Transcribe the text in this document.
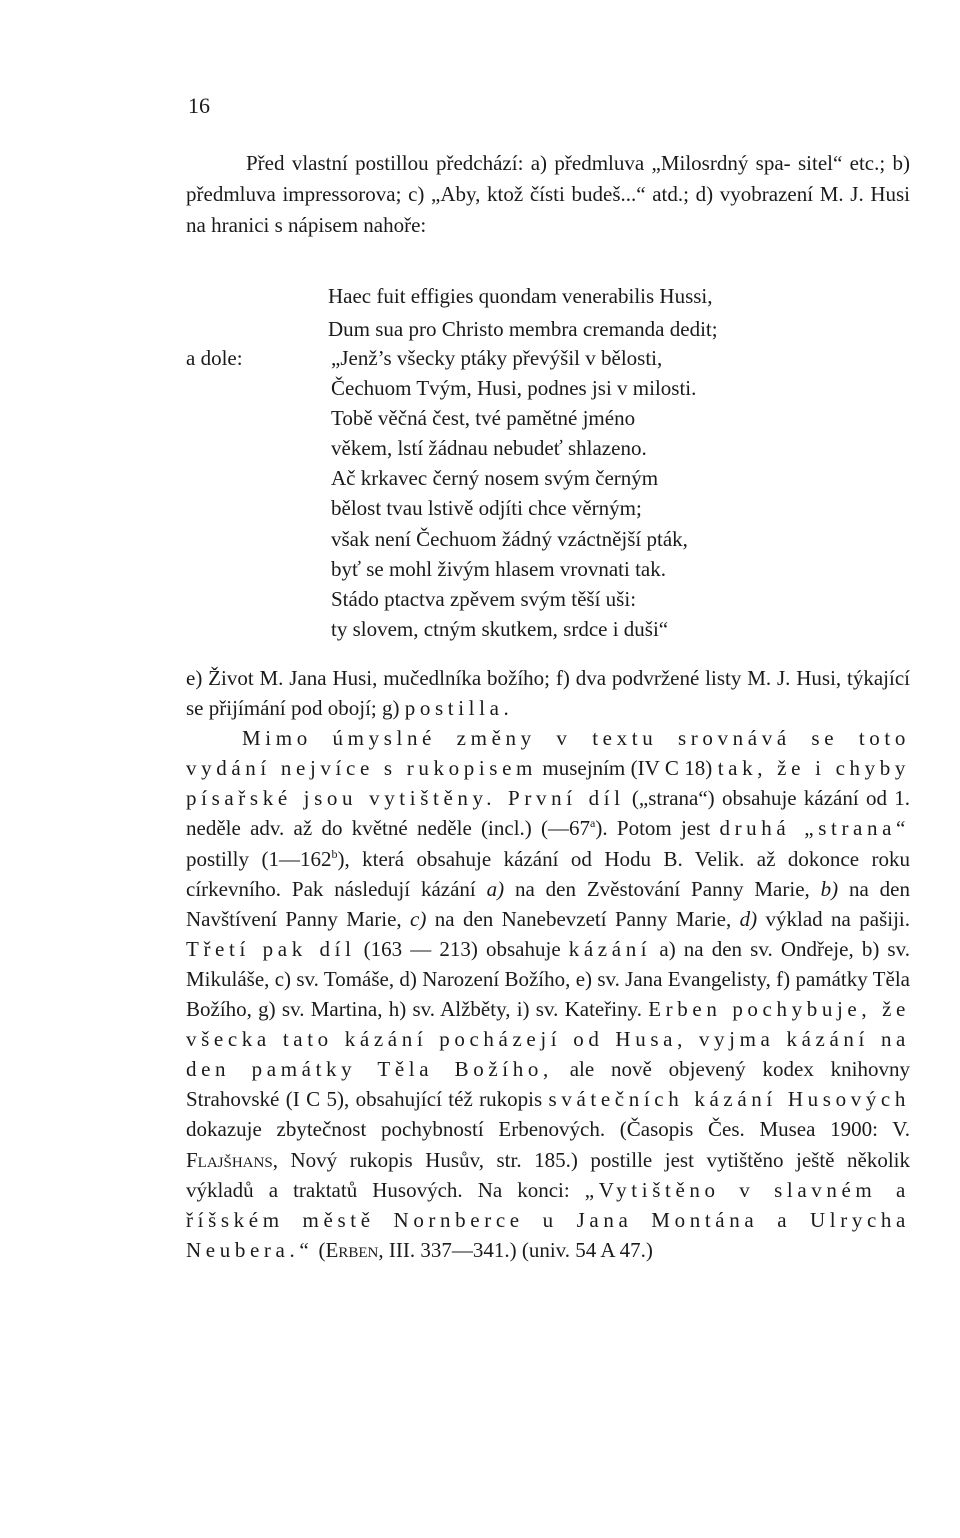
16

Před vlastní postillou předchází: a) předmluva „Milosrdný spa- sitel“ etc.; b) předmluva impressorova; c) „Aby, ktož čísti budeš...“ atd.; d) vyobrazení M. J. Husi na hranici s nápisem nahoře:

Haec fuit effigies quondam venerabilis Hussi,
Dum sua pro Christo membra cremanda dedit;
a dole:	„Jenž’s všecky ptáky převýšil v bělosti,
Čechuom Tvým, Husi, podnes jsi v milosti.
Tobě věčná čest, tvé pamětné jméno
věkem, lstí žádnau nebudeť shlazeno.
Ač krkavec černý nosem svým černým
bělost tvau lstivě odjíti chce věrným;
však není Čechuom žádný vzáctnější pták,
byť se mohl živým hlasem vrovnati tak.
Stádo ptactva zpěvem svým těší uši:
ty slovem, ctným skutkem, srdce i duši“

e) Život M. Jana Husi, mučedlníka božího; f) dva podvržené listy M. J. Husi, týkající se přijímání pod obojí; g) postilla.
Mimo úmyslné změny v textu srovnává se toto vydání nejvíce s rukopisem musejním (IV C 18) tak, že i chyby písařské jsou vytištěny. První díl („strana“) obsahuje kázání od 1. neděle adv. až do květné neděle (incl.) (—67$^a$). Potom jest druhá „strana“ postilly (1—162$^b$), která obsahuje kázání od Hodu B. Velik. až dokonce roku církevního. Pak následují kázání a) na den Zvěstování Panny Marie, b) na den Navštívení Panny Marie, c) na den Nanebevzetí Panny Marie, d) výklad na pašiji. Třetí pak díl (163 — 213) obsahuje kázání a) na den sv. Ondřeje, b) sv. Mikuláše, c) sv. Tomáše, d) Narození Božího, e) sv. Jana Evangelisty, f) památky Těla Božího, g) sv. Martina, h) sv. Alžběty, i) sv. Kateřiny. Erben pochybuje, že všecka tato kázání pocházejí od Husa, vyjma kázání na den památky Těla Božího, ale nově objevený kodex knihovny Strahovské (I C 5), obsahující též rukopis svátečních kázání Husových dokazuje zbytečnost pochybností Erbenových. (Časopis Čes. Musea 1900: V. Flajšhans, Nový rukopis Husův, str. 185.) postille jest vytištěno ještě několik výkladů a traktatů Husových. Na konci: „Vytištěno v slavném a říšském městě Nornberce u Jana Montána a Ulrycha Neubera.“ (Erben, III. 337—341.) (univ. 54 A 47.)
